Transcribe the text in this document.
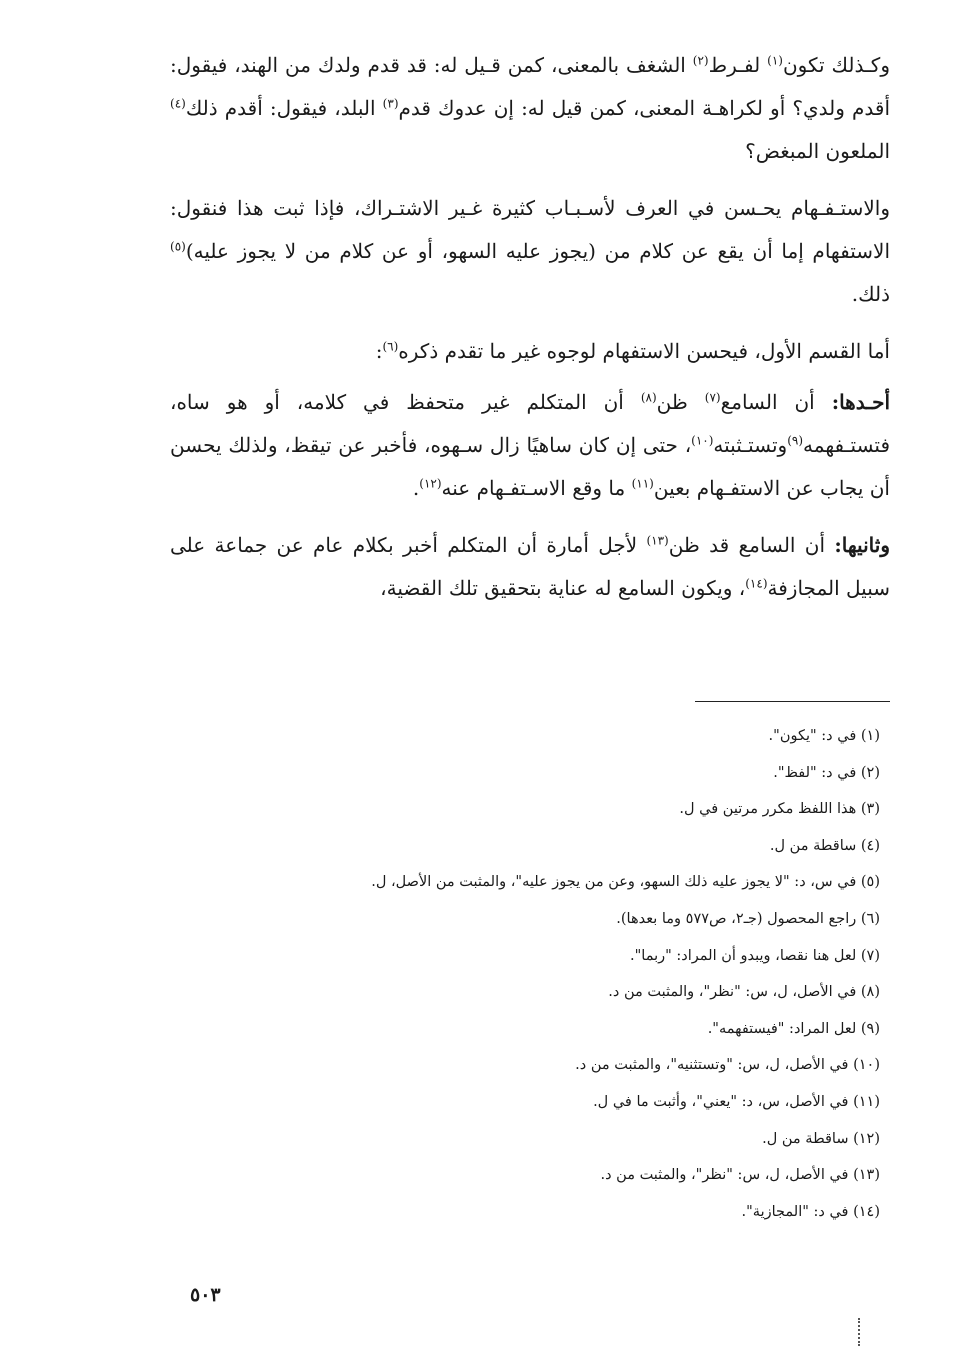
وكـذلك تكون$^{(١)}$ لفـرط$^{(٢)}$ الشغف بالمعنى، كمن قـيل له: قد قدم ولدك من الهند، فيقول: أقدم ولدي؟ أو لكراهـة المعنى، كمن قيل له: إن عدوك قدم$^{(٣)}$ البلد، فيقول: أقدم ذلك$^{(٤)}$ الملعون المبغض؟

والاستـفـهام يحـسن في العرف لأسـبـاب كثيرة غـير الاشتـراك، فإذا ثبت هذا فنقول: الاستفهام إما أن يقع عن كلام من (يجوز عليه السهو، أو عن كلام من لا يجوز عليه)$^{(٥)}$ ذلك.

أما القسم الأول، فيحسن الاستفهام لوجوه غير ما تقدم ذكره$^{(٦)}$:

أحـدها: أن السامع$^{(٧)}$ ظن$^{(٨)}$ أن المتكلم غير متحفظ في كلامه، أو هو ساه، فتستـفهمه$^{(٩)}$وتستـثبته$^{(١٠)}$، حتى إن كان ساهيًا زال سـهوه، فأخبر عن تيقظ، ولذلك يحسن أن يجاب عن الاستفـهام بعين$^{(١١)}$ ما وقع الاسـتفـهام عنه$^{(١٢)}$.

وثانيها: أن السامع قد ظن$^{(١٣)}$ لأجل أمارة أن المتكلم أخبر بكلام عام عن جماعة على سبيل المجازفة$^{(١٤)}$، ويكون السامع له عناية بتحقيق تلك القضية،

(١) في د: "يكون".
(٢) في د: "لفظ".
(٣) هذا اللفظ مكرر مرتين في ل.
(٤) ساقطة من ل.
(٥) في س، د: "لا يجوز عليه ذلك السهو، وعن من يجوز عليه"، والمثبت من الأصل، ل.
(٦) راجع المحصول (جـ٢، ص٥٧٧ وما بعدها).
(٧) لعل هنا نقصا، ويبدو أن المراد: "ربما".
(٨) في الأصل، ل، س: "نظر"، والمثبت من د.
(٩) لعل المراد: "فيستفهمه".
(١٠) في الأصل، ل، س: "وتستثنيه"، والمثبت من د.
(١١) في الأصل، س، د: "يعني"، وأثبت ما في ل.
(١٢) ساقطة من ل.
(١٣) في الأصل، ل، س: "نظر"، والمثبت من د.
(١٤) في د: "المجازية".
٥٠٣
